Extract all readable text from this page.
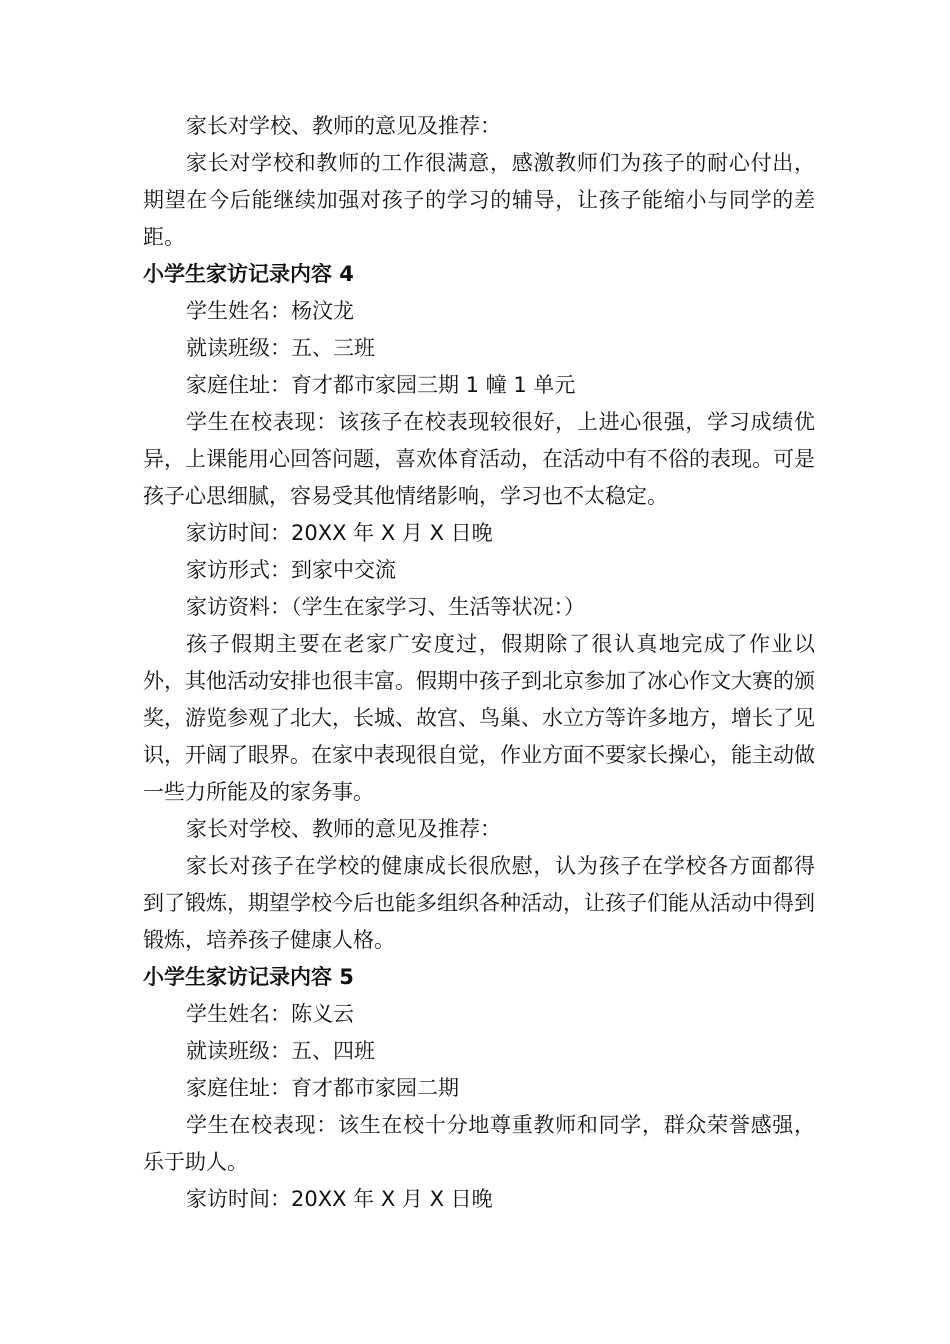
家长对学校、教师的意见及推荐：

家长对学校和教师的工作很满意，感激教师们为孩子的耐心付出，期望在今后能继续加强对孩子的学习的辅导，让孩子能缩小与同学的差距。

小学生家访记录内容 4

学生姓名：杨汶龙

就读班级：五、三班

家庭住址：育才都市家园三期 1 幢 1 单元

学生在校表现：该孩子在校表现较很好，上进心很强，学习成绩优异，上课能用心回答问题，喜欢体育活动，在活动中有不俗的表现。可是孩子心思细腻，容易受其他情绪影响，学习也不太稳定。

家访时间：20XX 年 X 月 X 日晚

家访形式：到家中交流

家访资料：（学生在家学习、生活等状况：）

孩子假期主要在老家广安度过，假期除了很认真地完成了作业以外，其他活动安排也很丰富。假期中孩子到北京参加了冰心作文大赛的颁奖，游览参观了北大，长城、故宫、鸟巢、水立方等许多地方，增长了见识，开阔了眼界。在家中表现很自觉，作业方面不要家长操心，能主动做一些力所能及的家务事。

家长对学校、教师的意见及推荐：

家长对孩子在学校的健康成长很欣慰，认为孩子在学校各方面都得到了锻炼，期望学校今后也能多组织各种活动，让孩子们能从活动中得到锻炼，培养孩子健康人格。

小学生家访记录内容 5

学生姓名：陈义云

就读班级：五、四班

家庭住址：育才都市家园二期

学生在校表现：该生在校十分地尊重教师和同学，群众荣誉感强，乐于助人。

家访时间：20XX 年 X 月 X 日晚
